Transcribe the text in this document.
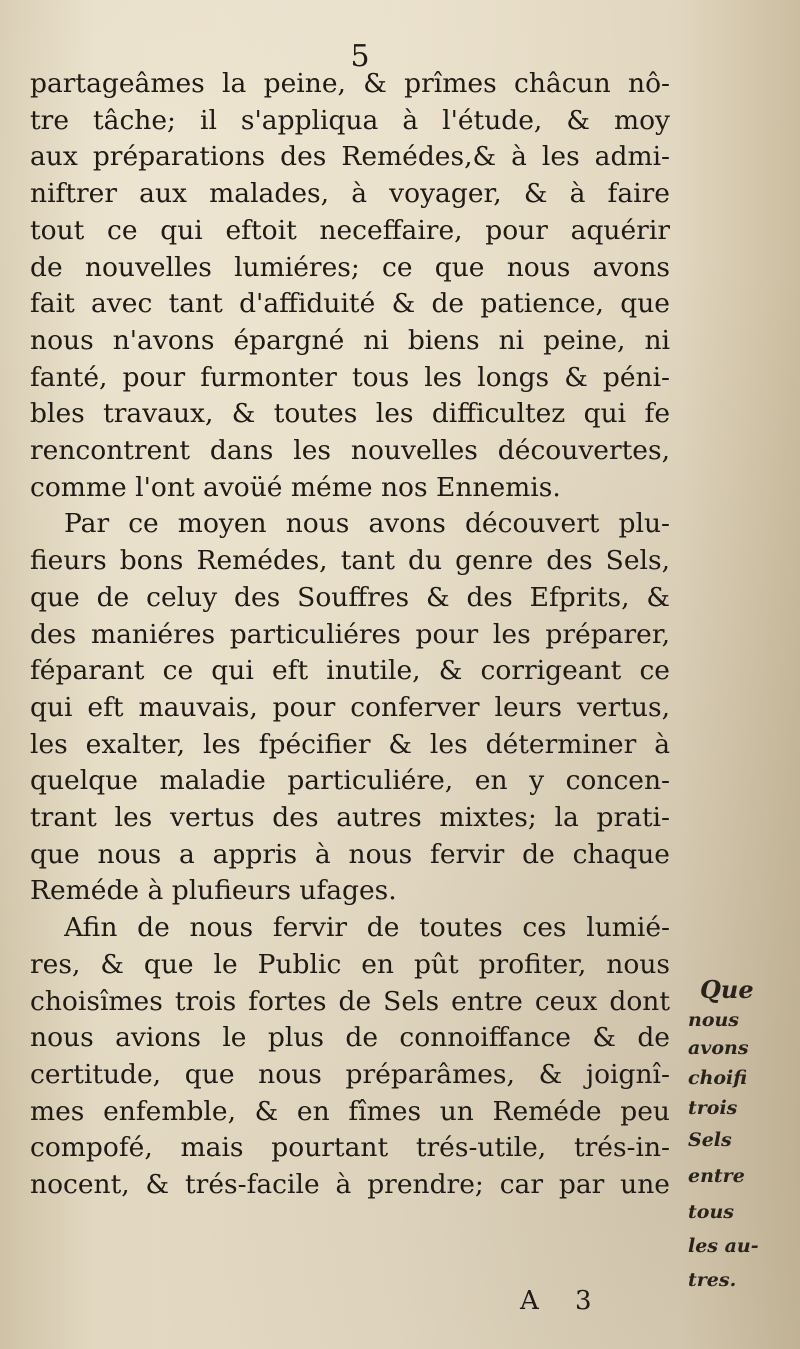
5
partageâmes la peine, & prîmes châcun nô-
tre tâche; il s'appliqua à l'étude, & moy
aux préparations des Remédes,& à les admi-
niftrer aux malades, à voyager, & à faire
tout ce qui eftoit neceffaire, pour aquérir
de nouvelles lumiéres; ce que nous avons
fait avec tant d'affiduité & de patience, que
nous n'avons épargné ni biens ni peine, ni
fanté, pour furmonter tous les longs & péni-
bles travaux, & toutes les difficultez qui fe
rencontrent dans les nouvelles découvertes,
comme l'ont avoüé méme nos Ennemis.
Par ce moyen nous avons découvert plu-
fieurs bons Remédes, tant du genre des Sels,
que de celuy des Souffres & des Efprits, &
des maniéres particuliéres pour les préparer,
féparant ce qui eft inutile, & corrigeant ce
qui eft mauvais, pour conferver leurs vertus,
les exalter, les fpécifier & les déterminer à
quelque maladie particuliére, en y concen-
trant les vertus des autres mixtes; la prati-
que nous a appris à nous fervir de chaque
Reméde à plufieurs ufages.
Afin de nous fervir de toutes ces lumié-
res, & que le Public en pût profiter, nous
choisîmes trois fortes de Sels entre ceux dont
nous avions le plus de connoiffance & de
certitude, que nous préparâmes, & joignî-
mes enfemble, & en fîmes un Reméde peu
compofé, mais pourtant trés-utile, trés-in-
nocent, & trés-facile à prendre; car par une
Que
nous
avons
choifi
trois
Sels
entre
tous
les au-
tres.
A 3
